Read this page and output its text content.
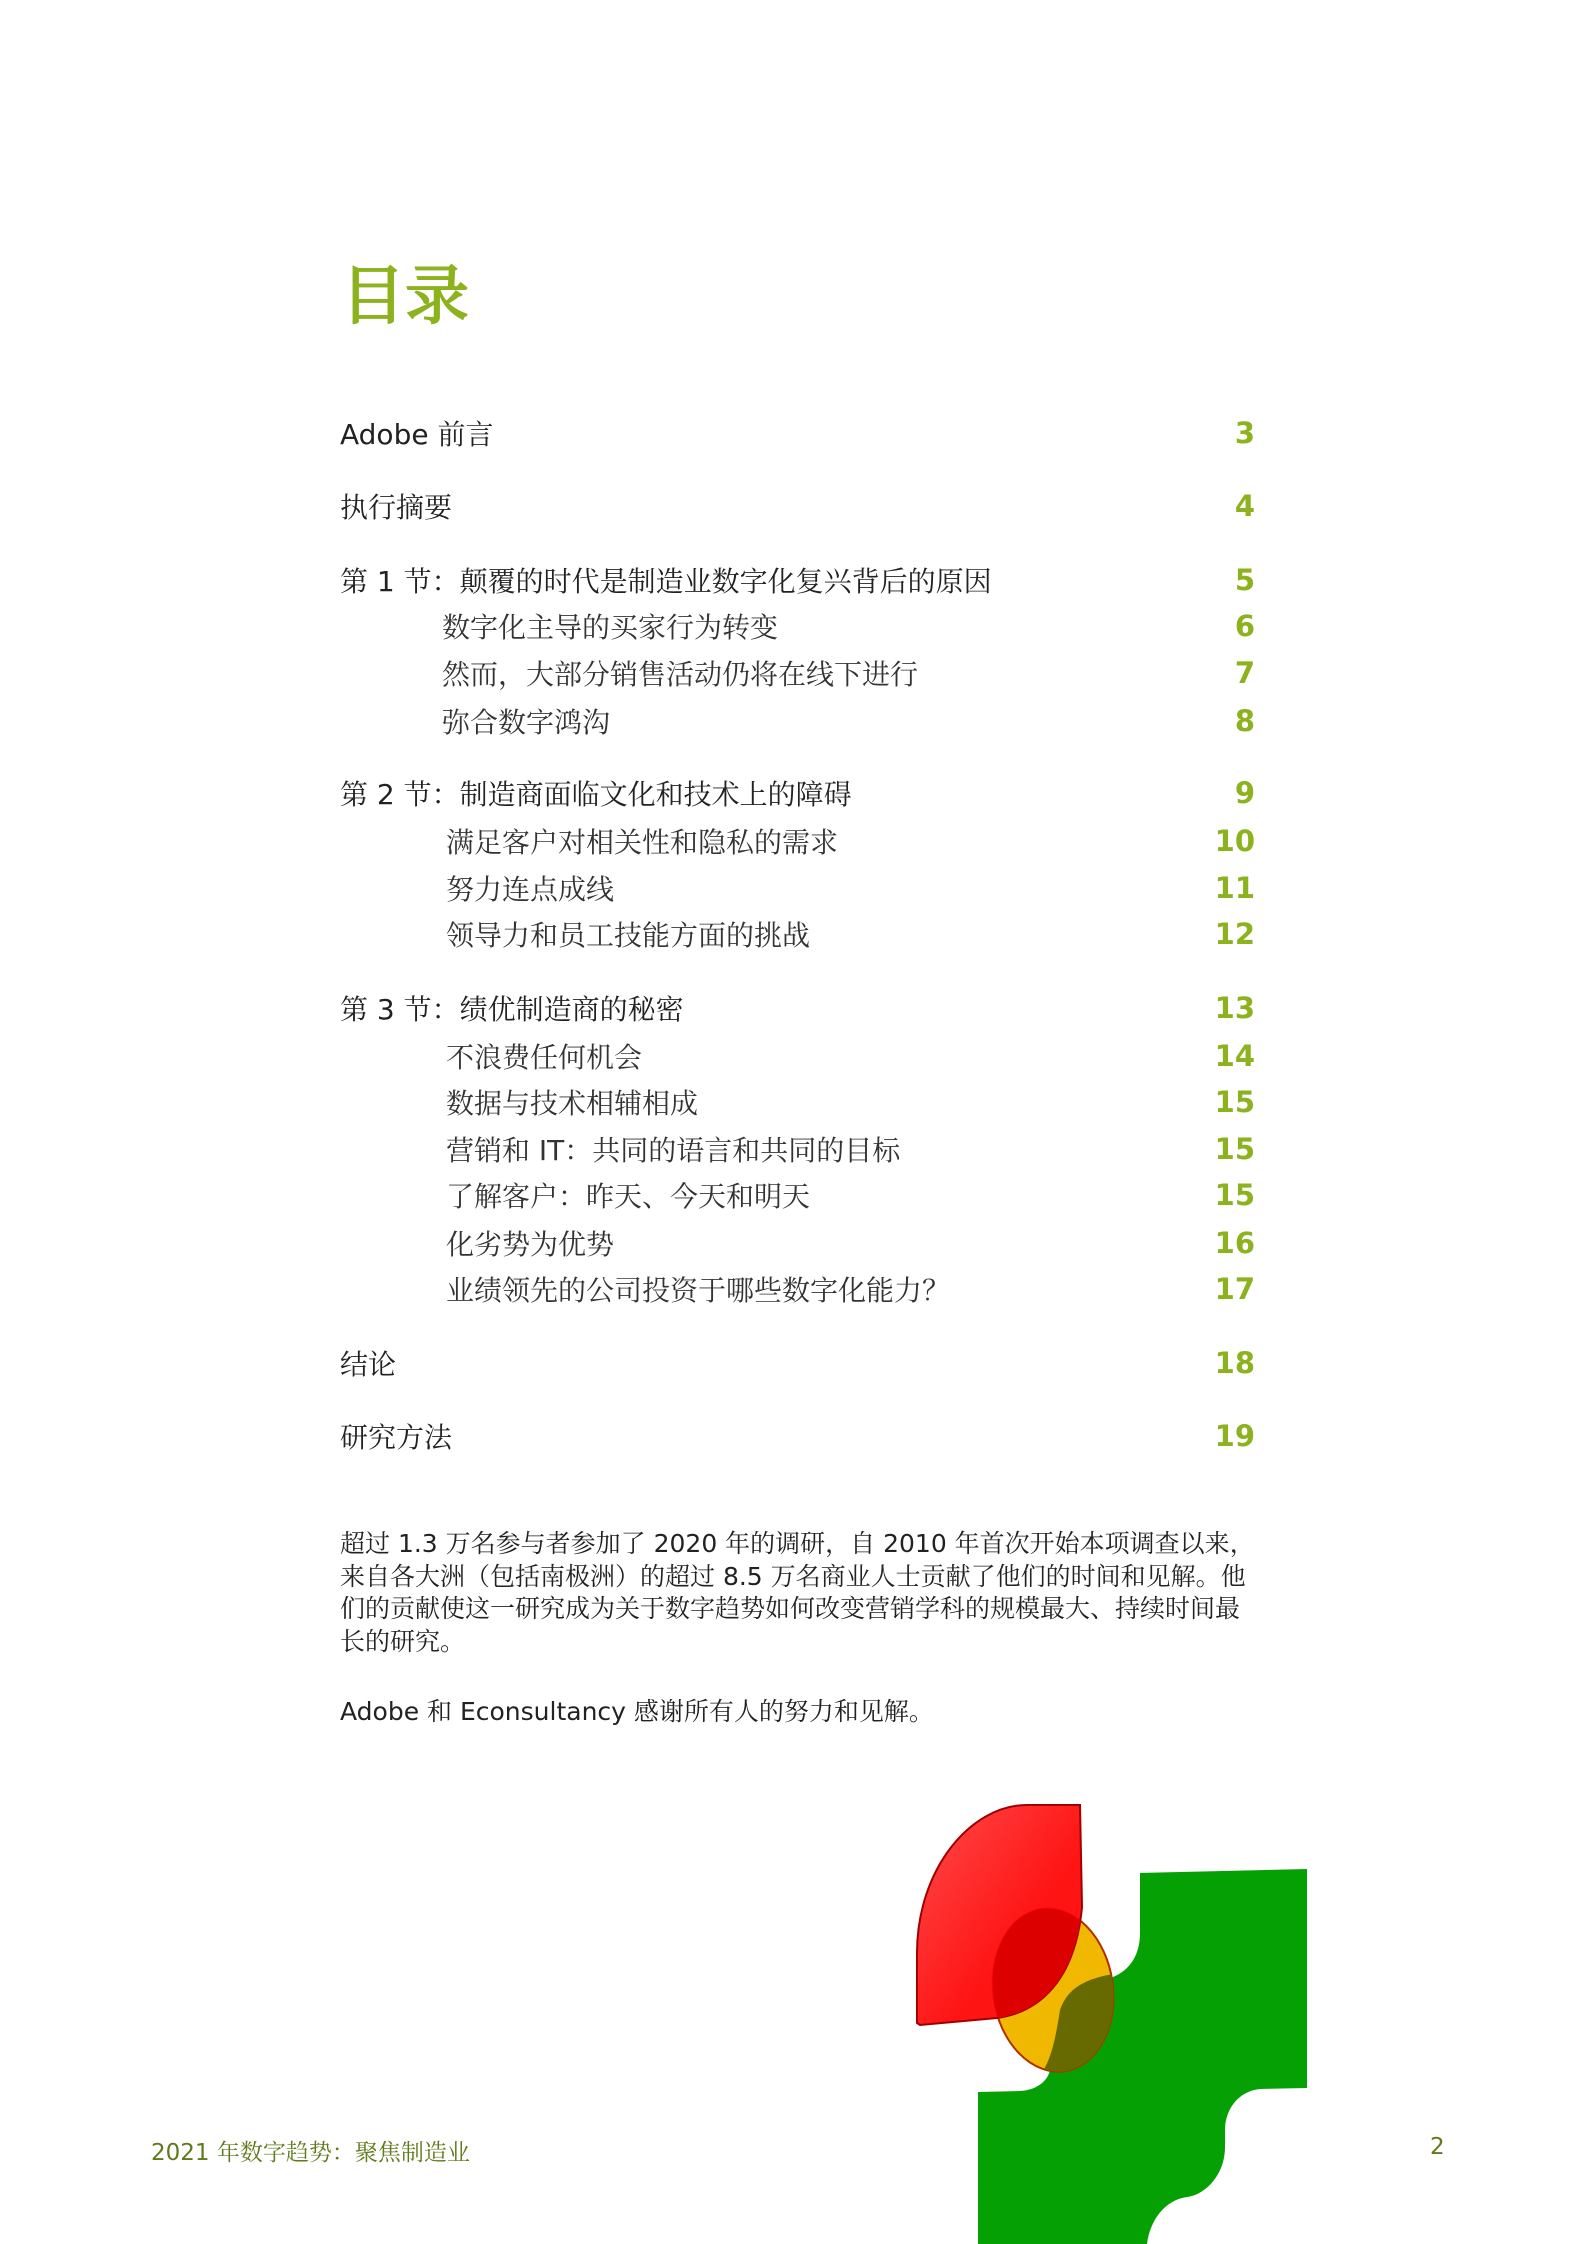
目录
Adobe 前言	3
执行摘要	4
第 1 节：颠覆的时代是制造业数字化复兴背后的原因	5
数字化主导的买家行为转变	6
然而，大部分销售活动仍将在线下进行	7
弥合数字鸿沟	8
第 2 节：制造商面临文化和技术上的障碍	9
满足客户对相关性和隐私的需求	10
努力连点成线	11
领导力和员工技能方面的挑战	12
第 3 节：绩优制造商的秘密	13
不浪费任何机会	14
数据与技术相辅相成	15
营销和 IT：共同的语言和共同的目标	15
了解客户：昨天、今天和明天	15
化劣势为优势	16
业绩领先的公司投资于哪些数字化能力？	17
结论	18
研究方法	19

超过 1.3 万名参与者参加了 2020 年的调研，自 2010 年首次开始本项调查以来，来自各大洲（包括南极洲）的超过 8.5 万名商业人士贡献了他们的时间和见解。他们的贡献使这一研究成为关于数字趋势如何改变营销学科的规模最大、持续时间最长的研究。

Adobe 和 Econsultancy 感谢所有人的努力和见解。

2021 年数字趋势：聚焦制造业	2
